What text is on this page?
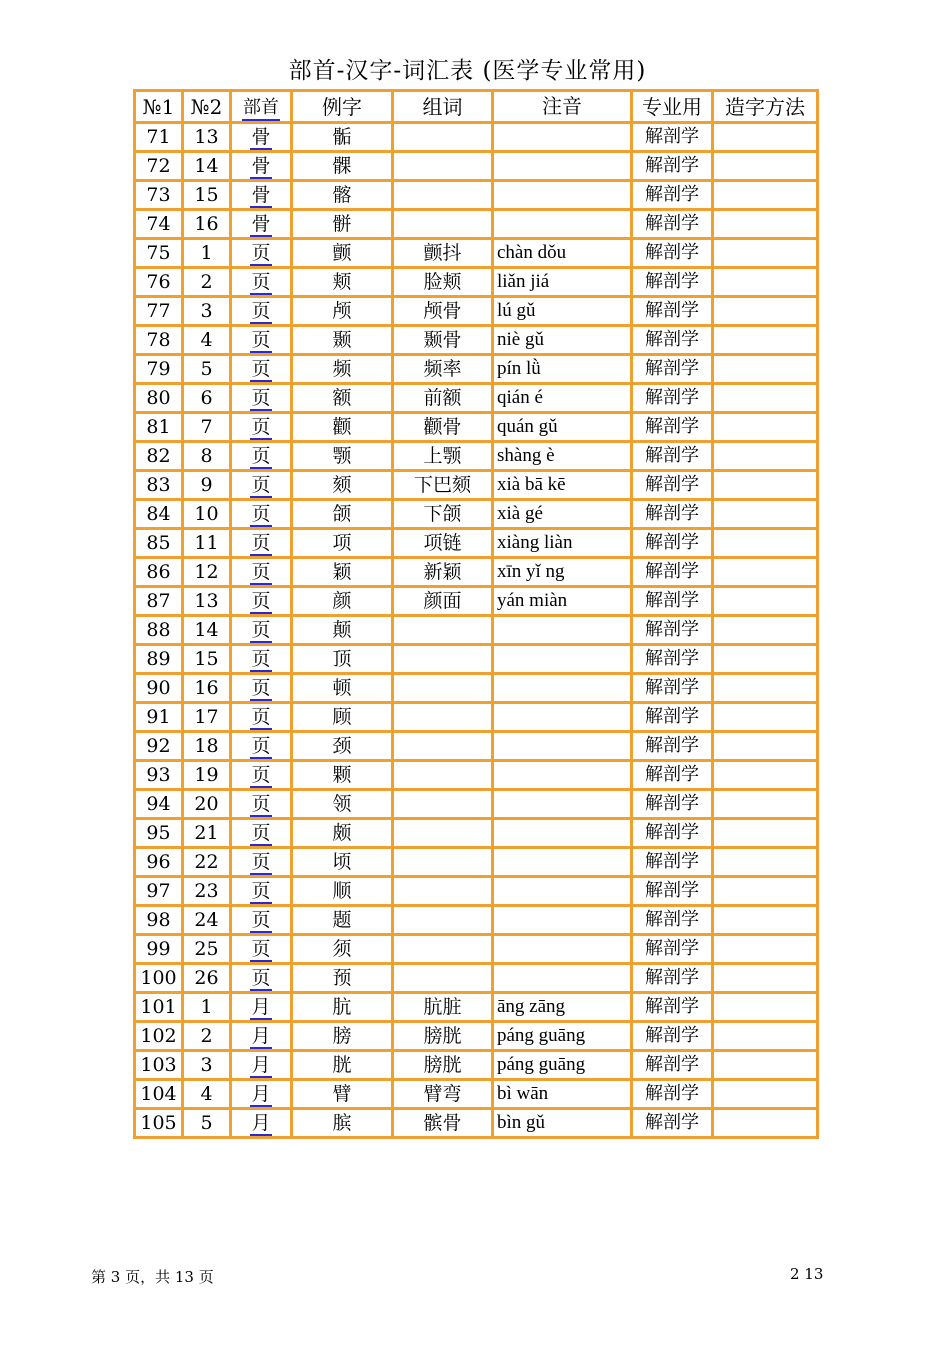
部首-汉字-词汇表 (医学专业常用)
№1	№2	部首	例字	组词	注音	专业用	造字方法
71	13	骨	骺			解剖学	
72	14	骨	髁			解剖学	
73	15	骨	髂			解剖学	
74	16	骨	骿			解剖学	
75	1	页	颤	颤抖	chàn dǒu	解剖学	
76	2	页	颊	脸颊	liǎn jiá	解剖学	
77	3	页	颅	颅骨	lú gǔ	解剖学	
78	4	页	颞	颞骨	niè gǔ	解剖学	
79	5	页	频	频率	pín lǜ	解剖学	
80	6	页	额	前额	qián é	解剖学	
81	7	页	颧	颧骨	quán gǔ	解剖学	
82	8	页	颚	上颚	shàng è	解剖学	
83	9	页	颏	下巴颏	xià bā kē	解剖学	
84	10	页	颌	下颌	xià gé	解剖学	
85	11	页	项	项链	xiàng liàn	解剖学	
86	12	页	颖	新颖	xīn yǐ ng	解剖学	
87	13	页	颜	颜面	yán miàn	解剖学	
88	14	页	颠			解剖学	
89	15	页	顶			解剖学	
90	16	页	顿			解剖学	
91	17	页	顾			解剖学	
92	18	页	颈			解剖学	
93	19	页	颗			解剖学	
94	20	页	领			解剖学	
95	21	页	颇			解剖学	
96	22	页	顷			解剖学	
97	23	页	顺			解剖学	
98	24	页	题			解剖学	
99	25	页	须			解剖学	
100	26	页	预			解剖学	
101	1	月	肮	肮脏	āng zāng	解剖学	
102	2	月	膀	膀胱	páng guāng	解剖学	
103	3	月	胱	膀胱	páng guāng	解剖学	
104	4	月	臂	臂弯	bì wān	解剖学	
105	5	月	膑	髌骨	bìn gǔ	解剖学	
第 3 页，共 13 页	2 13
